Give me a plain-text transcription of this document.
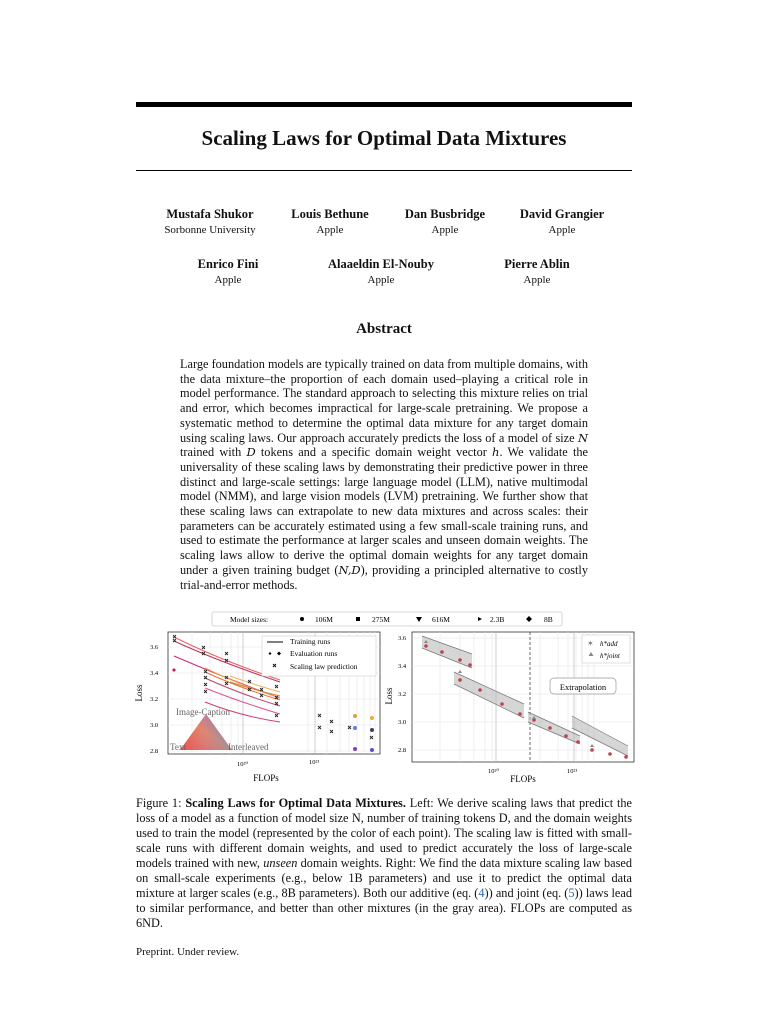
Scaling Laws for Optimal Data Mixtures
Mustafa Shukor
Sorbonne University
Louis Bethune
Apple
Dan Busbridge
Apple
David Grangier
Apple
Enrico Fini
Apple
Alaaeldin El-Nouby
Apple
Pierre Ablin
Apple
Abstract
Large foundation models are typically trained on data from multiple domains, with the data mixture–the proportion of each domain used–playing a critical role in model performance. The standard approach to selecting this mixture relies on trial and error, which becomes impractical for large-scale pretraining. We propose a systematic method to determine the optimal data mixture for any target domain using scaling laws. Our approach accurately predicts the loss of a model of size N trained with D tokens and a specific domain weight vector h. We validate the universality of these scaling laws by demonstrating their predictive power in three distinct and large-scale settings: large language model (LLM), native multimodal model (NMM), and large vision models (LVM) pretraining. We further show that these scaling laws can extrapolate to new data mixtures and across scales: their parameters can be accurately estimated using a few small-scale training runs, and used to estimate the performance at larger scales and unseen domain weights. The scaling laws allow to derive the optimal domain weights for any target domain under a given training budget (N,D), providing a principled alternative to costly trial-and-error methods.
Model sizes:	106M	275M	616M	2.3B	8B
Training runs
Evaluation runs
Scaling law prediction
Image-Caption
Text	Interleaved
3.6
3.4
3.2
3.0
2.8
10²⁰	10²¹
FLOPs
Loss
✶ h*add
h*joint
Extrapolation
3.6
3.4
3.2
3.0
2.8
10²⁰	10²¹
FLOPs
Loss
Figure 1: Scaling Laws for Optimal Data Mixtures. Left: We derive scaling laws that predict the loss of a model as a function of model size N, number of training tokens D, and the domain weights used to train the model (represented by the color of each point). The scaling law is fitted with small-scale runs with different domain weights, and used to predict accurately the loss of large-scale models trained with new, unseen domain weights. Right: We find the data mixture scaling law based on small-scale experiments (e.g., below 1B parameters) and use it to predict the optimal data mixture at larger scales (e.g., 8B parameters). Both our additive (eq. (4)) and joint (eq. (5)) laws lead to similar performance, and better than other mixtures (in the gray area). FLOPs are computed as 6ND.
Preprint. Under review.
